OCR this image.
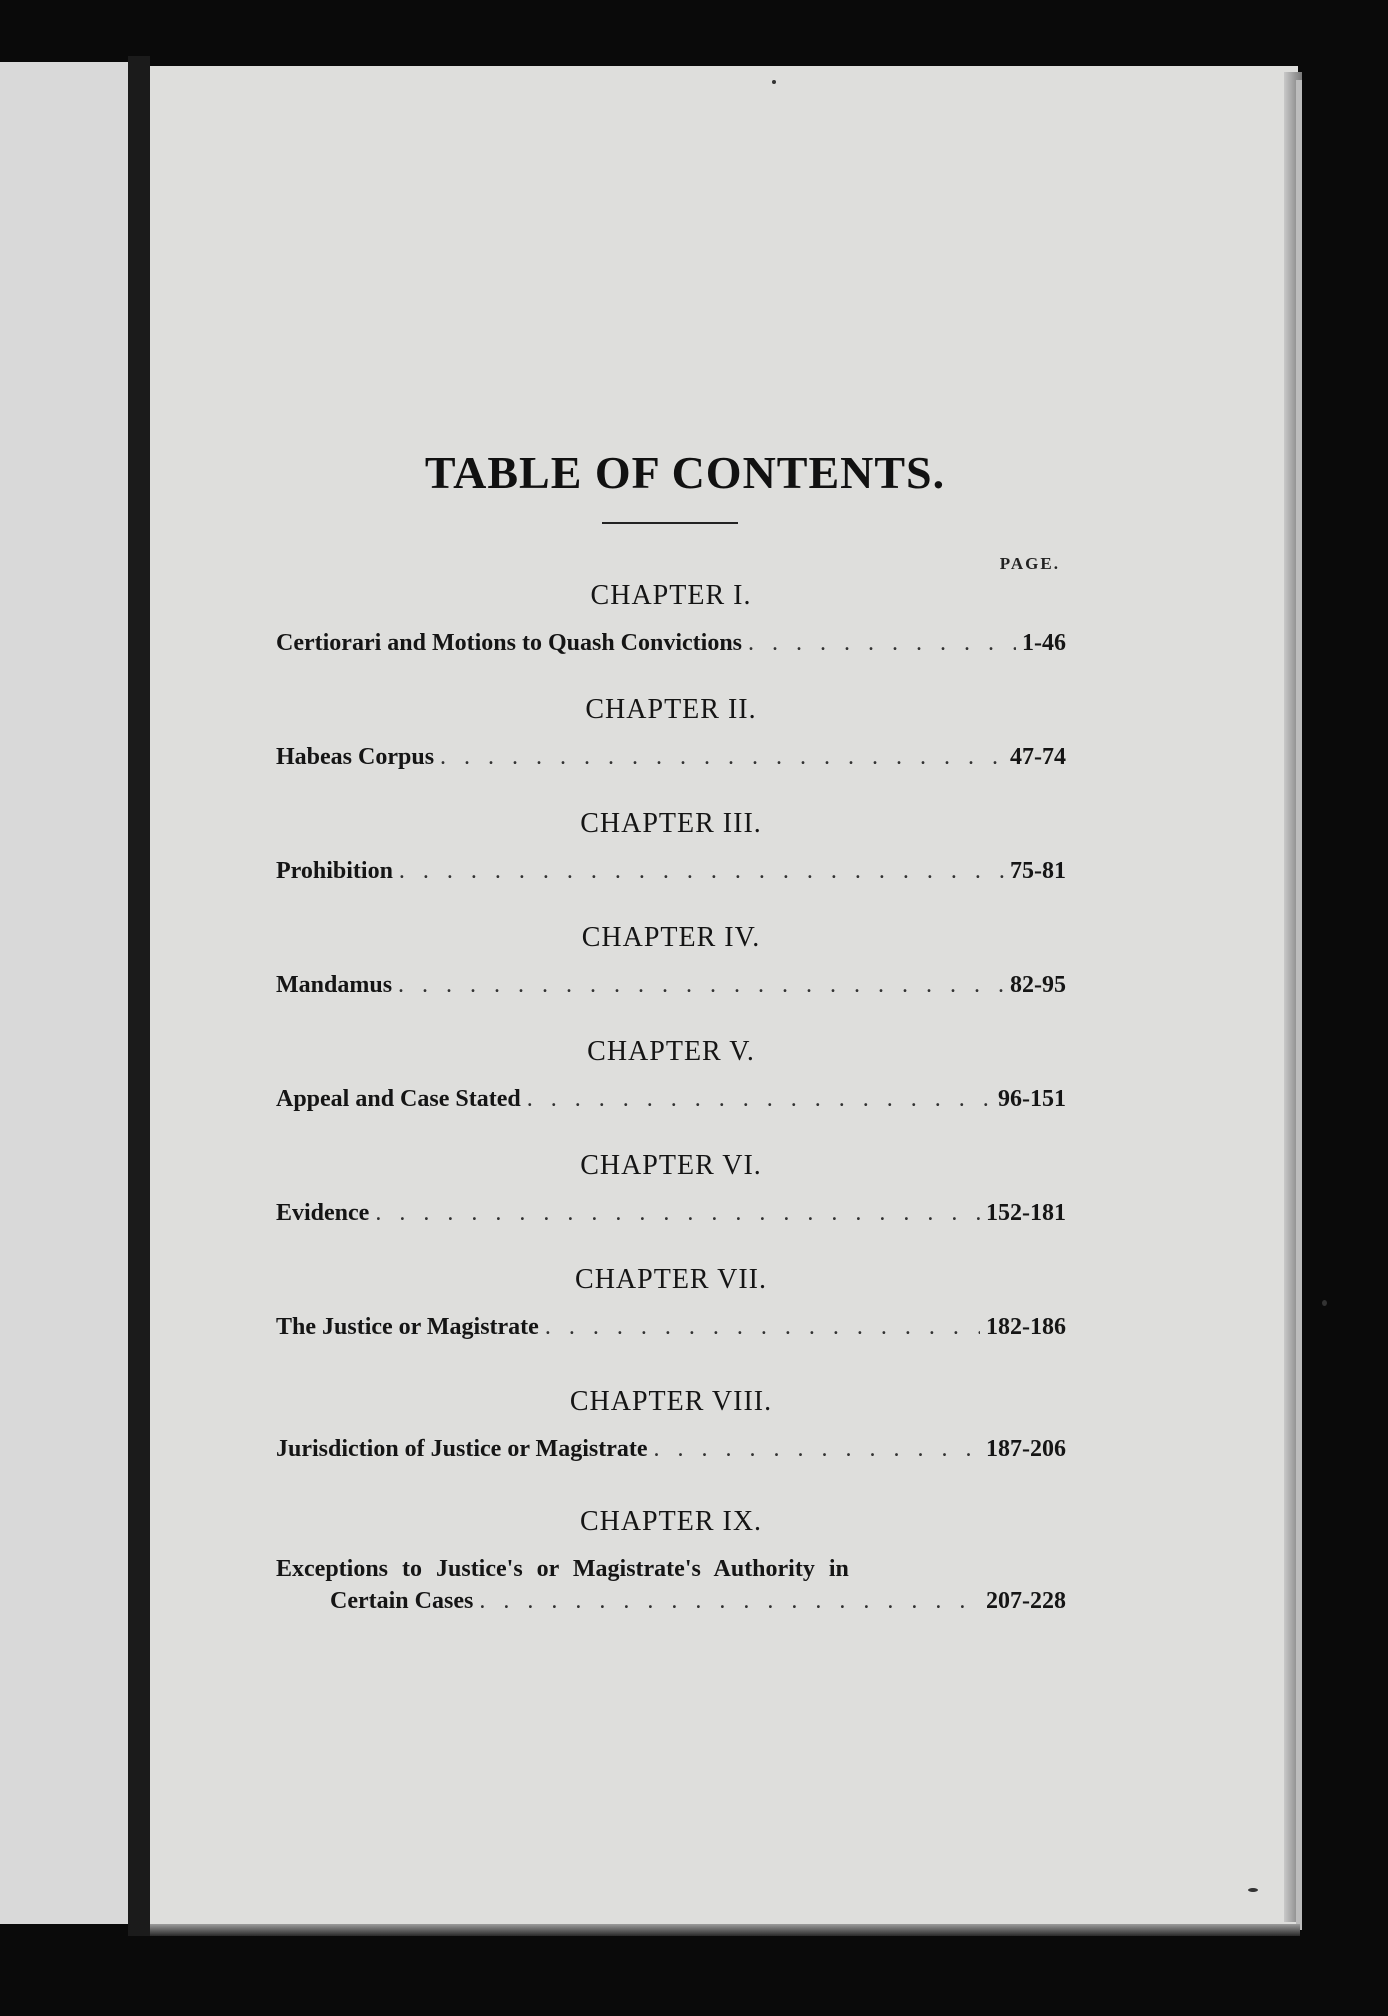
TABLE OF CONTENTS.
PAGE.
CHAPTER I.
Certiorari and Motions to Quash Convictions . . .	1-46
CHAPTER II.
Habeas Corpus . . .	47-74
CHAPTER III.
Prohibition . . .	75-81
CHAPTER IV.
Mandamus . . .	82-95
CHAPTER V.
Appeal and Case Stated . . .	96-151
CHAPTER VI.
Evidence . . .	152-181
CHAPTER VII.
The Justice or Magistrate . . .	182-186
CHAPTER VIII.
Jurisdiction of Justice or Magistrate . . .	187-206
CHAPTER IX.
Exceptions to Justice's or Magistrate's Authority in
Certain Cases . . .	207-228
